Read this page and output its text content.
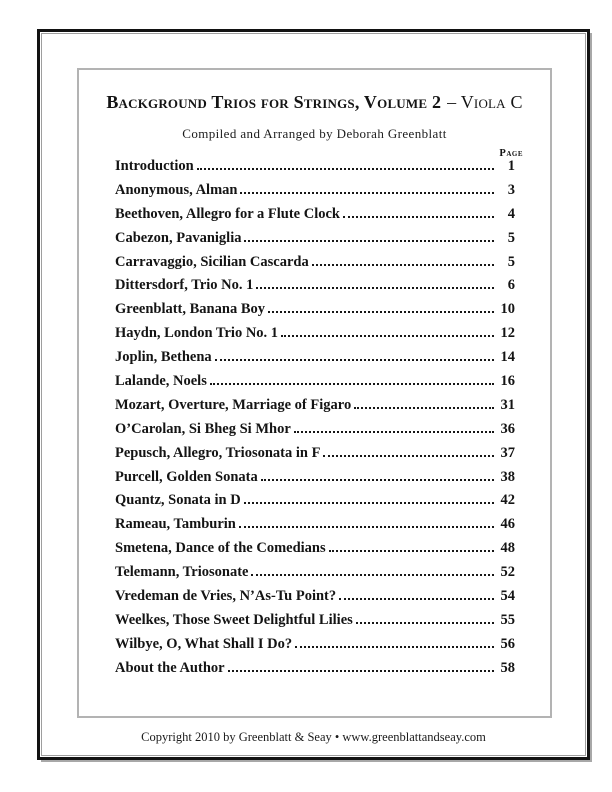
Background Trios for Strings, Volume 2 – Viola C
Compiled and Arranged by Deborah Greenblatt
Page
Introduction	1
Anonymous, Alman	3
Beethoven, Allegro for a Flute Clock	4
Cabezon, Pavaniglia	5
Carravaggio, Sicilian Cascarda	5
Dittersdorf, Trio No. 1	6
Greenblatt, Banana Boy	10
Haydn, London Trio No. 1	12
Joplin, Bethena	14
Lalande, Noels	16
Mozart, Overture, Marriage of Figaro	31
O’Carolan, Si Bheg Si Mhor	36
Pepusch, Allegro, Triosonata in F	37
Purcell, Golden Sonata	38
Quantz, Sonata in D	42
Rameau, Tamburin	46
Smetena, Dance of the Comedians	48
Telemann, Triosonate	52
Vredeman de Vries, N’As-Tu Point?	54
Weelkes, Those Sweet Delightful Lilies	55
Wilbye, O, What Shall I Do?	56
About the Author	58
Copyright 2010 by Greenblatt & Seay • www.greenblattandseay.com
